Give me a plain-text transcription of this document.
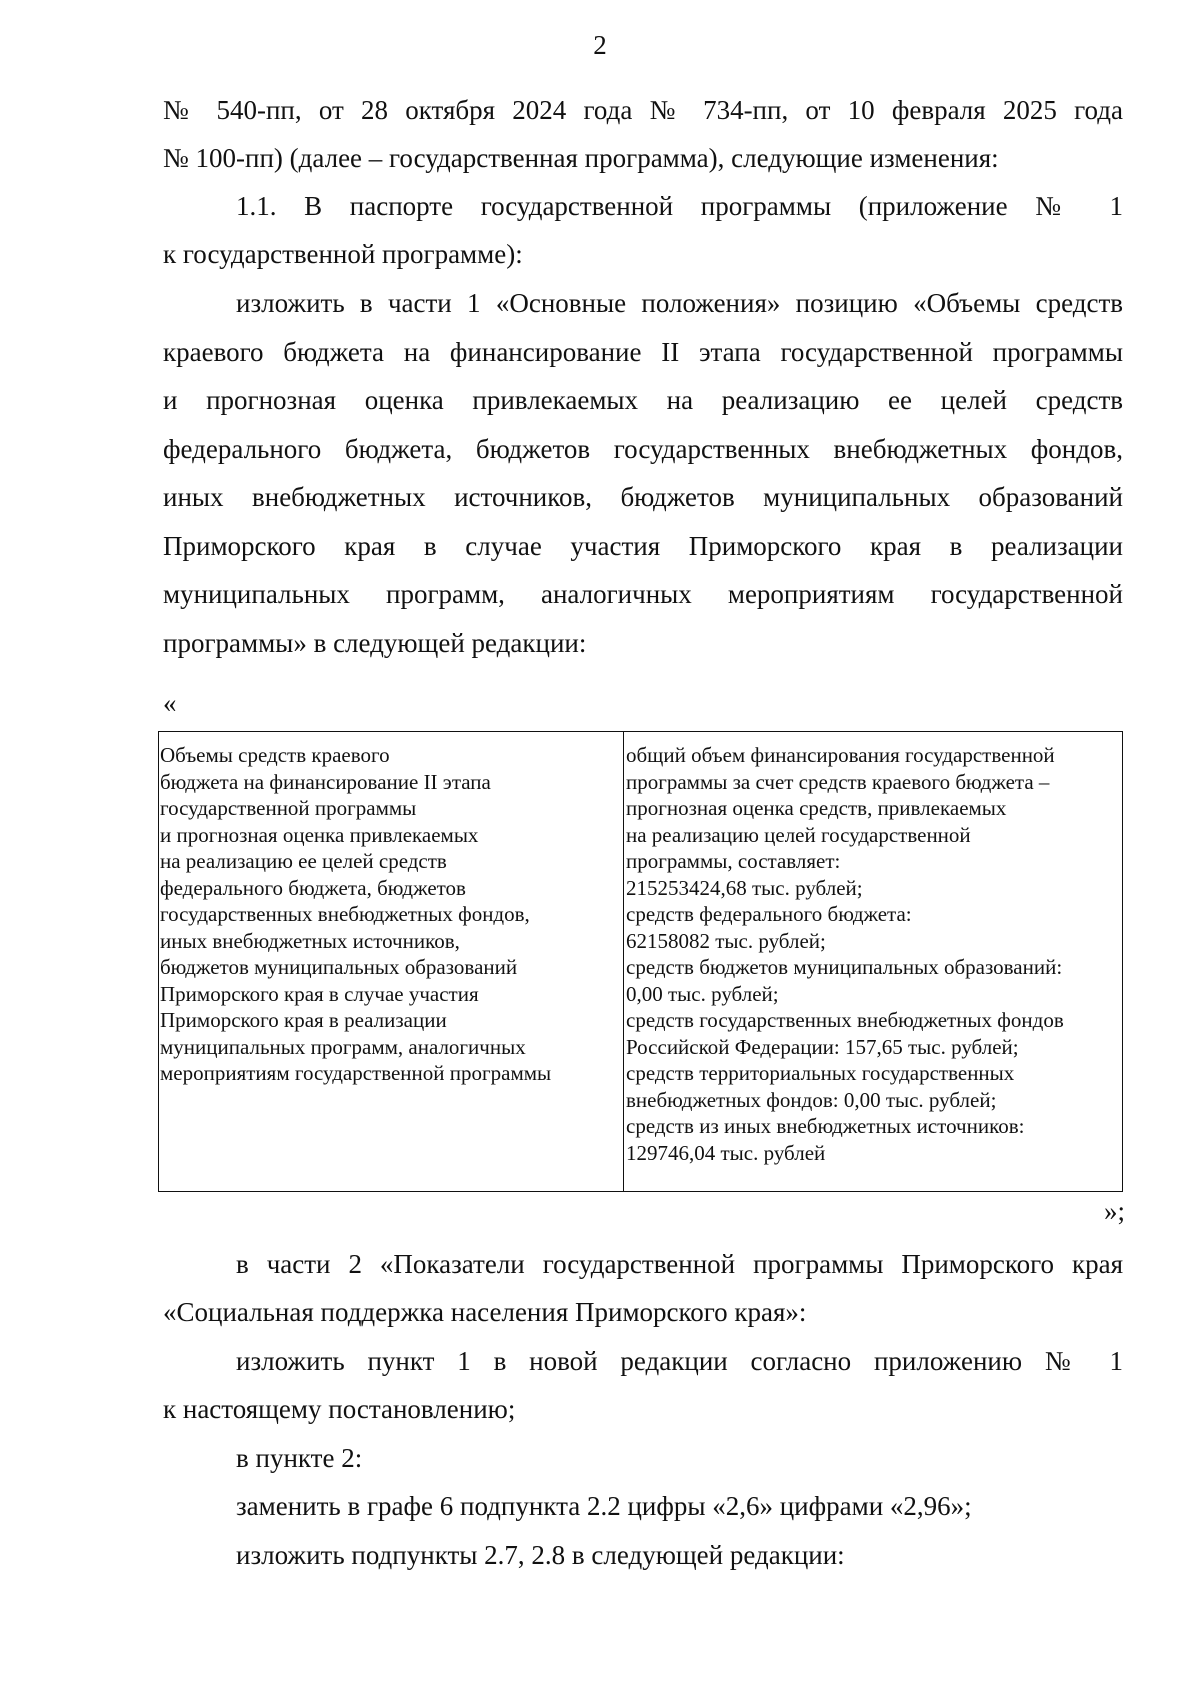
2
№ 540-пп, от 28 октября 2024 года № 734-пп, от 10 февраля 2025 года
№ 100-пп) (далее – государственная программа), следующие изменения:
1.1. В паспорте государственной программы (приложение № 1
к государственной программе):
изложить в части 1 «Основные положения» позицию «Объемы средств
краевого бюджета на финансирование II этапа государственной программы
и прогнозная оценка привлекаемых на реализацию ее целей средств
федерального бюджета, бюджетов государственных внебюджетных фондов,
иных внебюджетных источников, бюджетов муниципальных образований
Приморского края в случае участия Приморского края в реализации
муниципальных программ, аналогичных мероприятиям государственной
программы» в следующей редакции:
«
Объемы средств краевого
бюджета на финансирование II этапа
государственной программы
и прогнозная оценка привлекаемых
на реализацию ее целей средств
федерального бюджета, бюджетов
государственных внебюджетных фондов,
иных внебюджетных источников,
бюджетов муниципальных образований
Приморского края в случае участия
Приморского края в реализации
муниципальных программ, аналогичных
мероприятиям государственной программы
общий объем финансирования государственной
программы за счет средств краевого бюджета –
прогнозная оценка средств, привлекаемых
на реализацию целей государственной
программы, составляет:
215253424,68 тыс. рублей;
средств федерального бюджета:
62158082 тыс. рублей;
средств бюджетов муниципальных образований:
0,00 тыс. рублей;
средств государственных внебюджетных фондов
Российской Федерации: 157,65 тыс. рублей;
средств территориальных государственных
внебюджетных фондов: 0,00 тыс. рублей;
средств из иных внебюджетных источников:
129746,04 тыс. рублей
»;
в части 2 «Показатели государственной программы Приморского края
«Социальная поддержка населения Приморского края»:
изложить пункт 1 в новой редакции согласно приложению № 1
к настоящему постановлению;
в пункте 2:
заменить в графе 6 подпункта 2.2 цифры «2,6» цифрами «2,96»;
изложить подпункты 2.7, 2.8 в следующей редакции:
